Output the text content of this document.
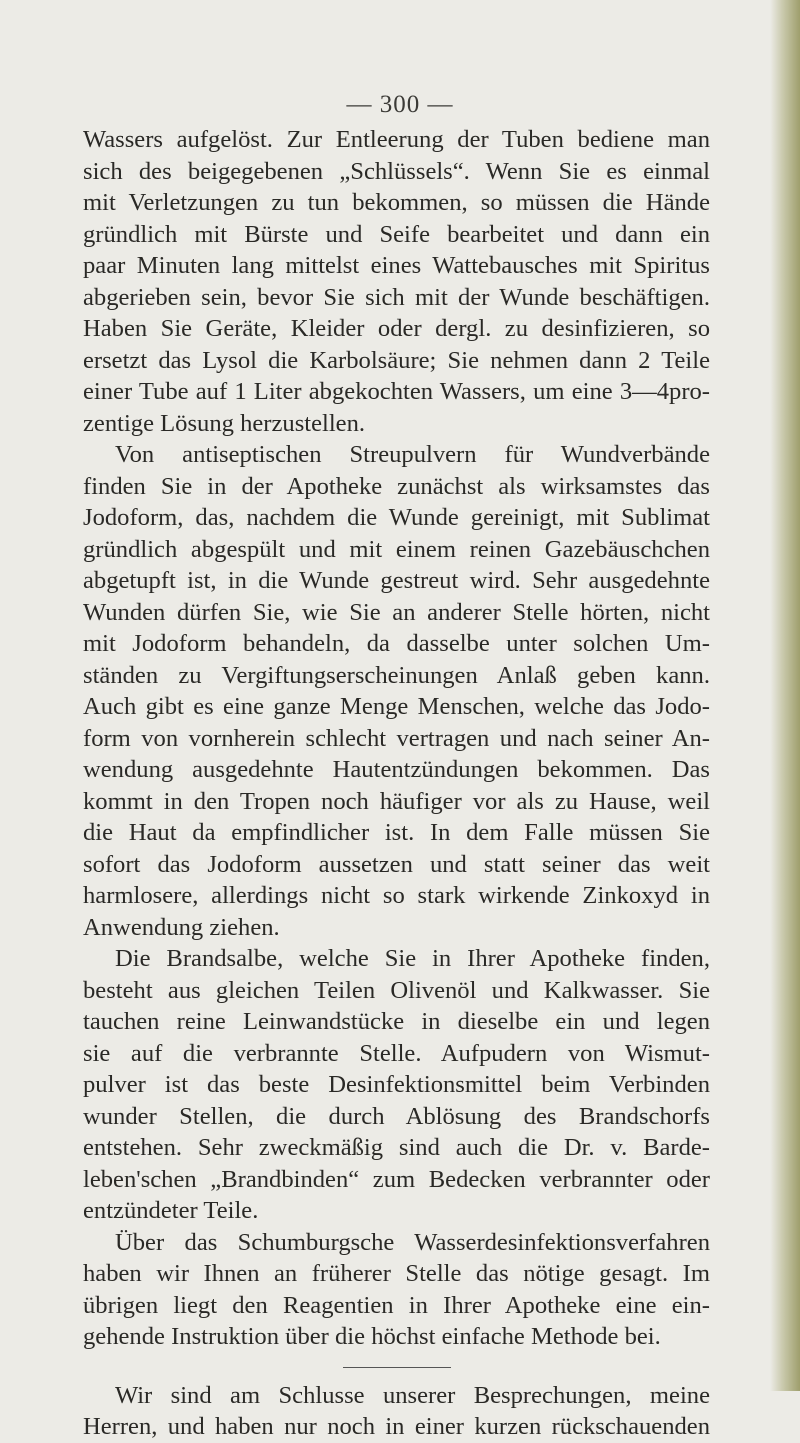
— 300 —
Wassers aufgelöst. Zur Entleerung der Tuben bediene man
sich des beigegebenen „Schlüssels“. Wenn Sie es einmal
mit Verletzungen zu tun bekommen, so müssen die Hände
gründlich mit Bürste und Seife bearbeitet und dann ein
paar Minuten lang mittelst eines Wattebausches mit Spiritus
abgerieben sein, bevor Sie sich mit der Wunde beschäftigen.
Haben Sie Geräte, Kleider oder dergl. zu desinfizieren, so
ersetzt das Lysol die Karbolsäure; Sie nehmen dann 2 Teile
einer Tube auf 1 Liter abgekochten Wassers, um eine 3—4pro-
zentige Lösung herzustellen.
Von antiseptischen Streupulvern für Wundverbände
finden Sie in der Apotheke zunächst als wirksamstes das
Jodoform, das, nachdem die Wunde gereinigt, mit Sublimat
gründlich abgespült und mit einem reinen Gazebäuschchen
abgetupft ist, in die Wunde gestreut wird. Sehr ausgedehnte
Wunden dürfen Sie, wie Sie an anderer Stelle hörten, nicht
mit Jodoform behandeln, da dasselbe unter solchen Um-
ständen zu Vergiftungserscheinungen Anlaß geben kann.
Auch gibt es eine ganze Menge Menschen, welche das Jodo-
form von vornherein schlecht vertragen und nach seiner An-
wendung ausgedehnte Hautentzündungen bekommen. Das
kommt in den Tropen noch häufiger vor als zu Hause, weil
die Haut da empfindlicher ist. In dem Falle müssen Sie
sofort das Jodoform aussetzen und statt seiner das weit
harmlosere, allerdings nicht so stark wirkende Zinkoxyd in
Anwendung ziehen.
Die Brandsalbe, welche Sie in Ihrer Apotheke finden,
besteht aus gleichen Teilen Olivenöl und Kalkwasser. Sie
tauchen reine Leinwandstücke in dieselbe ein und legen
sie auf die verbrannte Stelle. Aufpudern von Wismut-
pulver ist das beste Desinfektionsmittel beim Verbinden
wunder Stellen, die durch Ablösung des Brandschorfs
entstehen. Sehr zweckmäßig sind auch die Dr. v. Barde-
leben'schen „Brandbinden“ zum Bedecken verbrannter oder
entzündeter Teile.
Über das Schumburgsche Wasserdesinfektionsverfahren
haben wir Ihnen an früherer Stelle das nötige gesagt. Im
übrigen liegt den Reagentien in Ihrer Apotheke eine ein-
gehende Instruktion über die höchst einfache Methode bei.
Wir sind am Schlusse unserer Besprechungen, meine
Herren, und haben nur noch in einer kurzen rückschauenden
